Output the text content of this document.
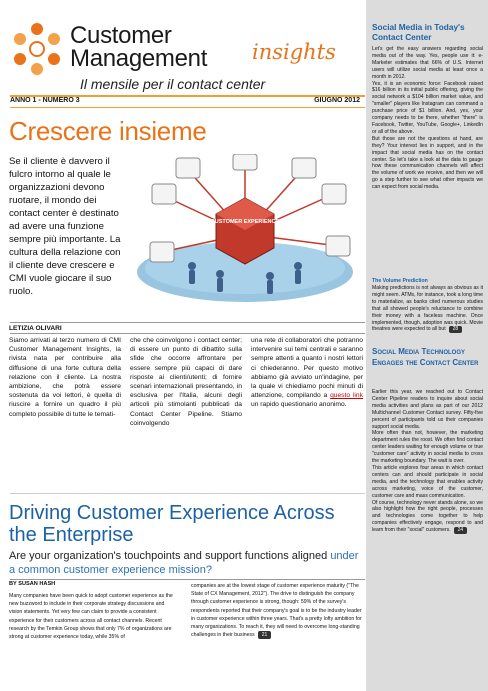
Customer
Management insights
Il mensile per il contact center
ANNO 1 - NUMERO 3	GIUGNO 2012
Crescere insieme
Se il cliente è davvero il fulcro intorno al quale le organizzazioni devono ruotare, il mondo dei contact center è destinato ad avere una funzione sempre più importante. La cultura della relazione con il cliente deve crescere e CMI vuole giocare il suo ruolo.
CUSTOMER EXPERIENCE
LETIZIA OLIVARI
Siamo arrivati al terzo numero di CMI Customer Management Insights, la rivista nata per contribuire alla diffusione di una forte cultura della relazione con il cliente. La nostra ambizione, che potrà essere sostenuta da voi lettori, è quella di riuscire a fornire un quadro il più completo possibile di tutte le temati-
che che coinvolgono i contact center; di essere un punto di dibattito sulla sfide che occorre affrontare per essere sempre più capaci di dare risposte ai clienti/utenti; di fornire scenari internazionali presentando, in esclusiva per l'Italia, alcuni degli articoli più stimolanti pubblicati da Contact Center Pipeline. Stiamo coinvolgendo
una rete di collaboratori che potranno intervenire sui temi centrali e saranno sempre attenti a quanto i nostri lettori ci chiederanno. Per questo motivo abbiamo già avviato un'indagine, per la quale vi chiediamo pochi minuti di attenzione, compilando a questo link un rapido questionario anonimo.
Driving Customer Experience Across the Enterprise
Are your organization's touchpoints and support functions aligned under a common customer experience mission?
BY SUSAN HASH
Many companies have been quick to adopt customer experience as the new buzzword to include in their corporate strategy discussions and vision statements. Yet very few can claim to provide a consistent experience for their customers across all contact channels. Recent research by the Temkin Group shows that only 7% of organizations are strong at customer experience today, while 35% of
companies are at the lowest stage of customer experience maturity ("The State of CX Management, 2012"). The drive to distinguish the company through customer experience is strong, though: 59% of the survey's respondents reported that their company's goal is to be the industry leader in customer experience within three years. That's a pretty lofty ambition for many organizations. To reach it, they will need to overcome long-standing challenges in their business 21
Social Media in Today's Contact Center

Let's get the easy answers regarding social media out of the way. Yes, people use it: e-Marketer estimates that 66% of U.S. Internet users will utilize social media at least once a month in 2012.

Yes, it is an economic force: Facebook raised $16 billion in its initial public offering, giving the social network a $104 billion market value, and "smaller" players like Instagram can command a purchase price of $1 billion. And, yes, your company needs to be there, whether "there" is Facebook, Twitter, YouTube, Google+, LinkedIn or all of the above.

But those are not the questions at hand, are they? Your interest lies in support, and in the impact that social media has on the contact center. So let's take a look at the data to gauge how these communication channels will affect the volume of work we receive, and then we will go a step further to see what other impacts we can expect from social media.

The Volume Prediction
Making predictions is not always as obvious as it might seem. ATMs, for instance, took a long time to materialize, as banks cited numerous studies that all showed people's reluctance to combine their money with a faceless machine. Once implemented, though, adoption was quick. Movie theatres were expected to all but 28
Social Media Technology Engages the Contact Center

Earlier this year, we reached out to Contact Center Pipeline readers to inquire about social media activities and plans as part of our 2012 Multichannel Customer Contact survey. Fifty-five percent of participants told us their companies support social media.

More often than not, however, the marketing department rules the roost. We often find contact center leaders waiting for enough volume or true "customer care" activity in social media to cross the marketing boundary. The wait is over.

This article explores four areas in which contact centers can and should participate in social media, and the technology that enables activity across marketing, voice of the customer, customer care and mass communication.

Of course, technology never stands alone, so we also highlight how the right people, processes and technologies come together to help companies effectively engage, respond to and learn from their "social" customers. 24
